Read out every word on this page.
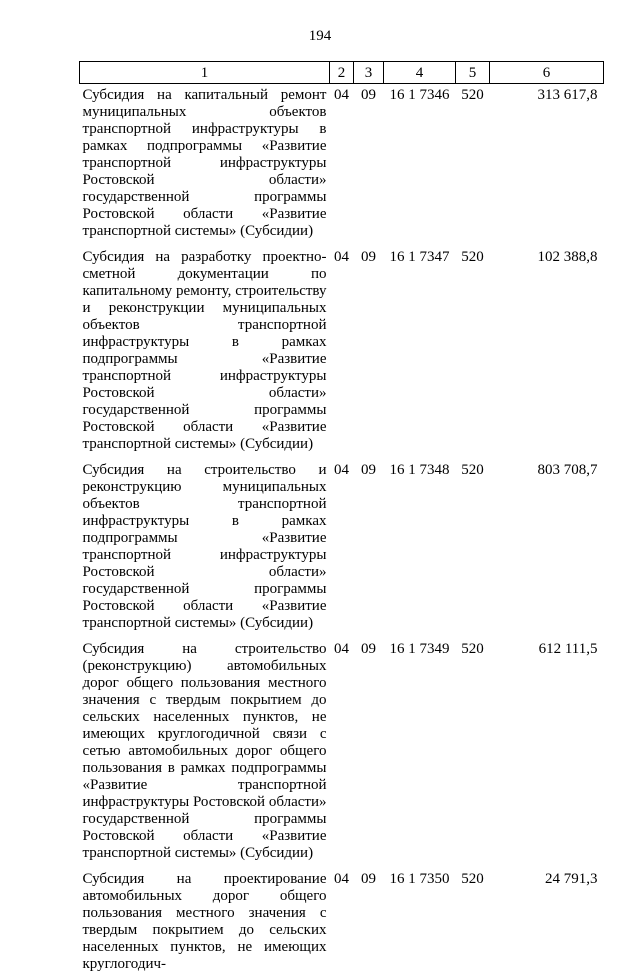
194
1	2	3	4	5	6
Субсидия на капитальный ремонт муниципальных объектов транспортной инфраструктуры в рамках подпрограммы «Развитие транспортной инфраструктуры Ростовской области» государственной программы Ростовской области «Развитие транспортной системы» (Субсидии)	04	09	16 1 7346	520	313 617,8
Субсидия на разработку проектно-сметной документации по капитальному ремонту, строительству и реконструкции муниципальных объектов транспортной инфраструктуры в рамках подпрограммы «Развитие транспортной инфраструктуры Ростовской области» государственной программы Ростовской области «Развитие транспортной системы» (Субсидии)	04	09	16 1 7347	520	102 388,8
Субсидия на строительство и реконструкцию муниципальных объектов транспортной инфраструктуры в рамках подпрограммы «Развитие транспортной инфраструктуры Ростовской области» государственной программы Ростовской области «Развитие транспортной системы» (Субсидии)	04	09	16 1 7348	520	803 708,7
Субсидия на строительство (реконструкцию) автомобильных дорог общего пользования местного значения с твердым покрытием до сельских населенных пунктов, не имеющих круглогодичной связи с сетью автомобильных дорог общего пользования в рамках подпрограммы «Развитие транспортной инфраструктуры Ростовской области» государственной программы Ростовской области «Развитие транспортной системы» (Субсидии)	04	09	16 1 7349	520	612 111,5
Субсидия на проектирование автомобильных дорог общего пользования местного значения с твердым покрытием до сельских населенных пунктов, не имеющих круглогодич-	04	09	16 1 7350	520	24 791,3
